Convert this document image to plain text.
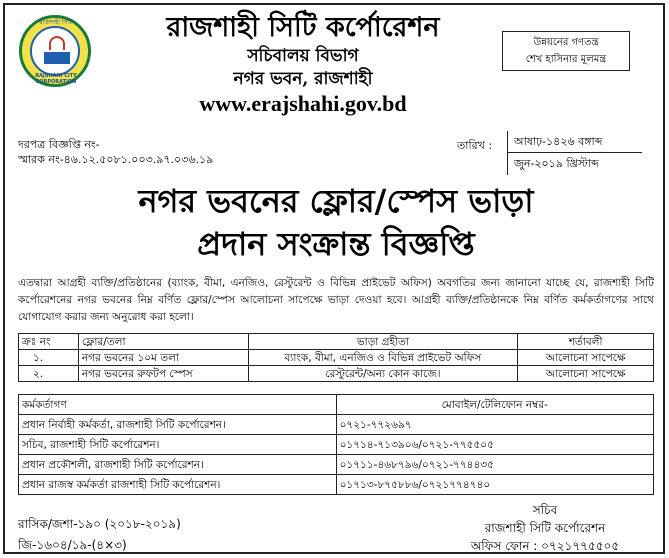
রাজশাহী সিটি
RAJSHAHI CITY CORPORATION
রাজশাহী সিটি কর্পোরেশন
সচিবালয় বিভাগ
নগর ভবন, রাজশাহী
www.erajshahi.gov.bd
উন্নয়নের গণতন্ত্র
শেখ হাসিনার মূলমন্ত্র
দরপত্র বিজ্ঞপ্তি নং-
স্মারক নং-৪৬.১২.৫০৮১.০০৩.৯৭.০৩৬.১৯
তারিখ : আষাঢ়-১৪২৬ বঙ্গাব্দ
জুন-২০১৯ খ্রিস্টাব্দ
নগর ভবনের ফ্লোর/স্পেস ভাড়া
প্রদান সংক্রান্ত বিজ্ঞপ্তি
এতদ্বারা আগ্রহী ব্যক্তি/প্রতিষ্ঠানের (ব্যাংক, বীমা, এনজিও, রেস্টুরেন্ট ও বিভিন্ন প্রাইভেট অফিস) অবগতির জন্য জানানো যাচ্ছে যে, রাজশাহী সিটি কর্পোরেশনের নগর ভবনের নিম্ন বর্ণিত ফ্লোর/স্পেস আলোচনা সাপেক্ষে ভাড়া দেওয়া হবে। আগ্রহী ব্যক্তি/প্রতিষ্ঠানকে নিম্ন বর্ণিত কর্মকর্তাগণের সাথে যোগাযোগ করার জন্য অনুরোধ করা হলো।
ক্রঃ নং	ফ্লোর/তলা	ভাড়া গ্রহীতা	শর্তাবলী
১.	নগর ভবনের ১০ম তলা	ব্যাংক, বীমা, এনজিও ও বিভিন্ন প্রাইভেট অফিস	আলোচনা সাপেক্ষে
২.	নগর ভবনের রুফটপ স্পেস	রেস্টুরেন্ট/অন্য কোন কাজে।	আলোচনা সাপেক্ষে
কর্মকর্তাগণ	মোবাইল/টেলিফোন নম্বর-
প্রধান নির্বাহী কর্মকর্তা, রাজশাহী সিটি কর্পোরেশন।	০৭২১-৭৭২৬৯৭
সচিব, রাজশাহী সিটি কর্পোরেশন।	০১৭১৪-৭১৩৯০৬/০৭২১-৭৭৫৫০৫
প্রধান প্রকৌশলী, রাজশাহী সিটি কর্পোরেশন।	০১৭১১-৪৬৮৭৯৬/০৭২১-৭৭৪৪৩৫
প্রধান রাজস্ব কর্মকর্তা রাজশাহী সিটি কর্পোরেশন।	০১৭১৩-৮৭৫৮৮৬/০৭২১৭৭৪৭৪০
রাসিক/জশা-১৯০ (২০১৮-২০১৯)
জি-১৬০৪/১৯-(৪×৩)
সচিব
রাজশাহী সিটি কর্পোরেশন
অফিস ফোন : ০৭২১৭৭৫৫০৫
